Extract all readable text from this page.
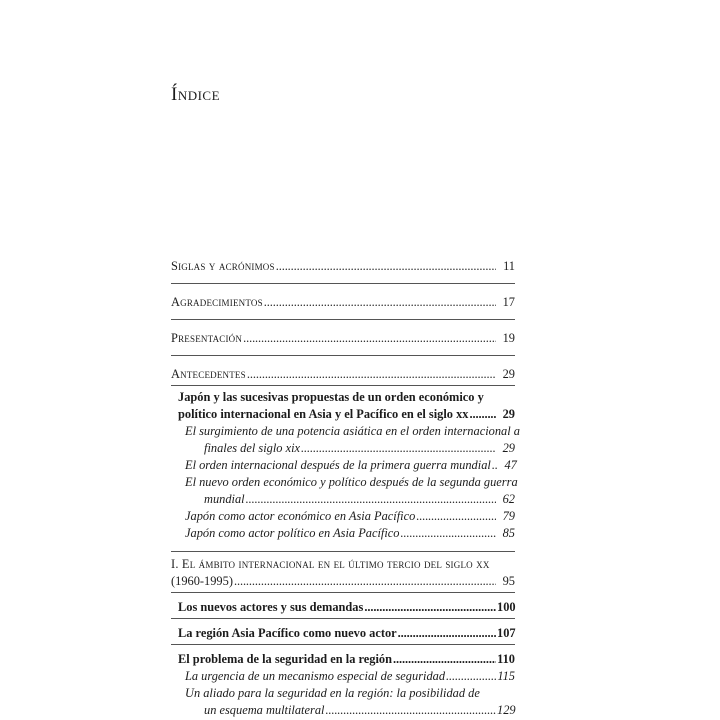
Índice
Siglas y acrónimos . . .	11
Agradecimientos . . .	17
Presentación . . .	19
Antecedentes . . .	29
Japón y las sucesivas propuestas de un orden económico y
político internacional en Asia y el Pacífico en el siglo xx . . .	29
El surgimiento de una potencia asiática en el orden internacional a
finales del siglo xix . . .	29
El orden internacional después de la primera guerra mundial . . .	47
El nuevo orden económico y político después de la segunda guerra
mundial . . .	62
Japón como actor económico en Asia Pacífico . . .	79
Japón como actor político en Asia Pacífico . . .	85
I. El ámbito internacional en el último tercio del siglo xx
(1960-1995) . . .	95
Los nuevos actores y sus demandas . . .	100
La región Asia Pacífico como nuevo actor . . .	107
El problema de la seguridad en la región . . .	110
La urgencia de un mecanismo especial de seguridad . . .	115
Un aliado para la seguridad en la región: la posibilidad de
un esquema multilateral . . .	129
